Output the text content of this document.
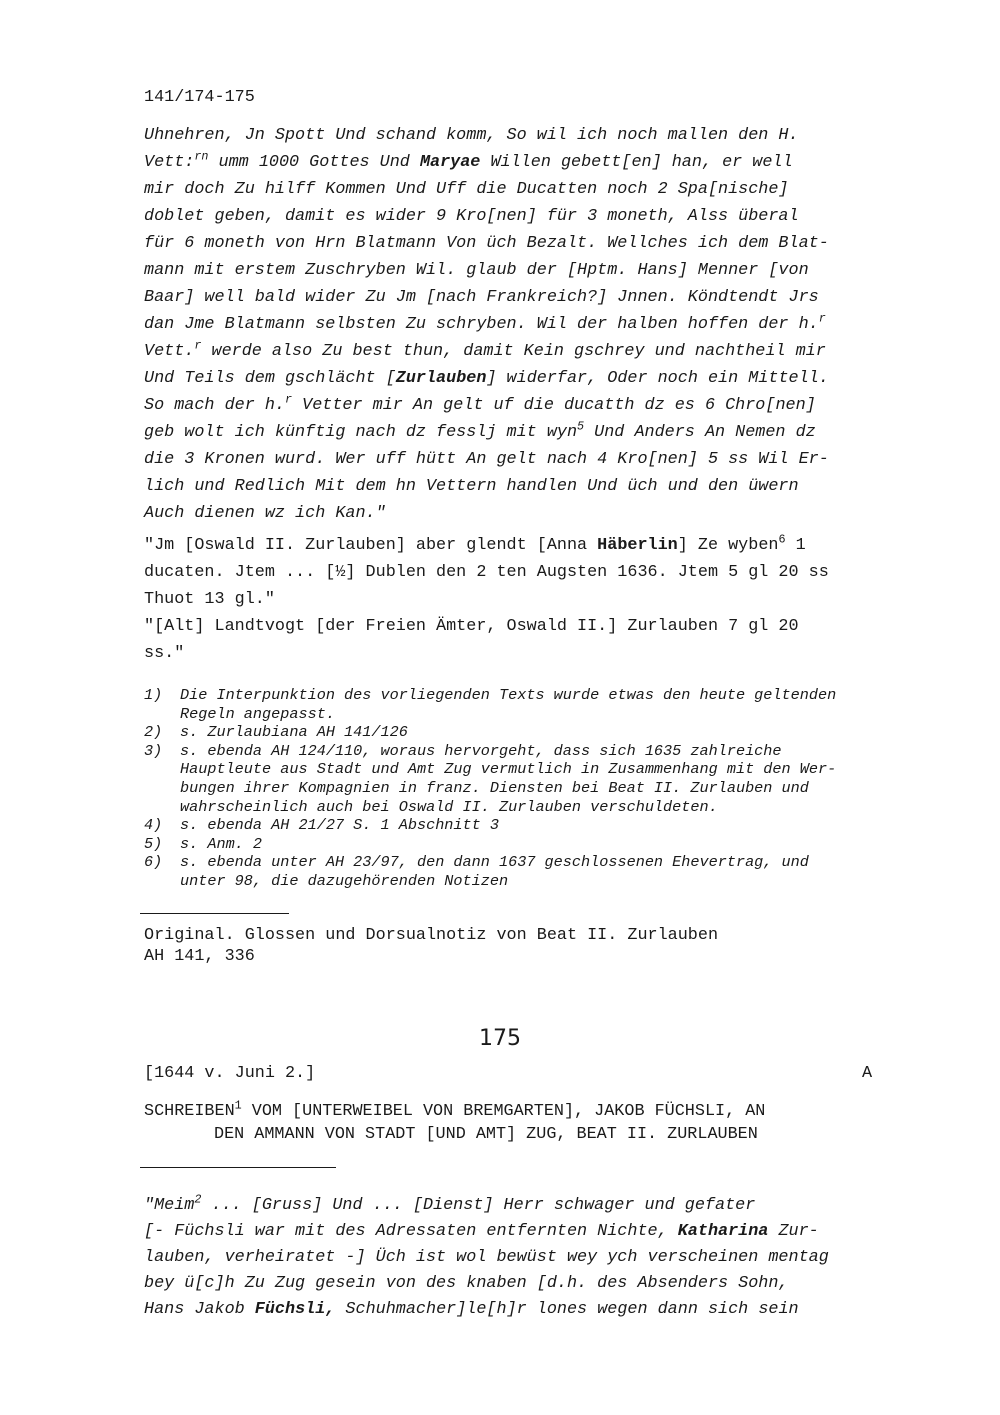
141/174-175
Uhnehren, Jn Spott Und schand komm, So wil ich noch mallen den H.
Vett:$^{rn}$ umm 1000 Gottes Und Maryae Willen gebett[en] han, er well
mir doch Zu hilff Kommen Und Uff die Ducatten noch 2 Spa[nische]
doblet geben, damit es wider 9 Kro[nen] für 3 moneth, Alss überal
für 6 moneth von Hrn Blatmann Von üch Bezalt. Wellches ich dem Blat-
mann mit erstem Zuschryben Wil. glaub der [Hptm. Hans] Menner [von
Baar] well bald wider Zu Jm [nach Frankreich?] Jnnen. Köndtendt Jrs
dan Jme Blatmann selbsten Zu schryben. Wil der halben hoffen der h.$^r$
Vett.$^r$ werde also Zu best thun, damit Kein gschrey und nachtheil mir
Und Teils dem gschlächt [Zurlauben] widerfar, Oder noch ein Mittell.
So mach der h.$^r$ Vetter mir An gelt uf die ducatth dz es 6 Chro[nen]
geb wolt ich künftig nach dz fesslj mit wyn$^5$ Und Anders An Nemen dz
die 3 Kronen wurd. Wer uff hütt An gelt nach 4 Kro[nen] 5 ss Wil Er-
lich und Redlich Mit dem hn Vettern handlen Und üch und den üwern
Auch dienen wz ich Kan."
"Jm [Oswald II. Zurlauben] aber glendt [Anna Häberlin] Ze wyben$^6$ 1
ducaten. Jtem ... [½] Dublen den 2 ten Augsten 1636. Jtem 5 gl 20 ss
Thuot 13 gl."
"[Alt] Landtvogt [der Freien Ämter, Oswald II.] Zurlauben 7 gl 20
ss."
1) Die Interpunktion des vorliegenden Texts wurde etwas den heute geltenden
Regeln angepasst.
2) s. Zurlaubiana AH 141/126
3) s. ebenda AH 124/110, woraus hervorgeht, dass sich 1635 zahlreiche
Hauptleute aus Stadt und Amt Zug vermutlich in Zusammenhang mit den Wer-
bungen ihrer Kompagnien in franz. Diensten bei Beat II. Zurlauben und
wahrscheinlich auch bei Oswald II. Zurlauben verschuldeten.
4) s. ebenda AH 21/27 S. 1 Abschnitt 3
5) s. Anm. 2
6) s. ebenda unter AH 23/97, den dann 1637 geschlossenen Ehevertrag, und
unter 98, die dazugehörenden Notizen
Original. Glossen und Dorsualnotiz von Beat II. Zurlauben
AH 141, 336
175
[1644 v. Juni 2.]	A
SCHREIBEN$^1$ VOM [UNTERWEIBEL VON BREMGARTEN], JAKOB FÜCHSLI, AN
DEN AMMANN VON STADT [UND AMT] ZUG, BEAT II. ZURLAUBEN
"Meim$^2$ ... [Gruss] Und ... [Dienst] Herr schwager und gefater
[- Füchsli war mit des Adressaten entfernten Nichte, Katharina Zur-
lauben, verheiratet -] Üch ist wol bewüst wey ych verscheinen mentag
bey ü[c]h Zu Zug gesein von des knaben [d.h. des Absenders Sohn,
Hans Jakob Füchsli, Schuhmacher]le[h]r lones wegen dann sich sein
